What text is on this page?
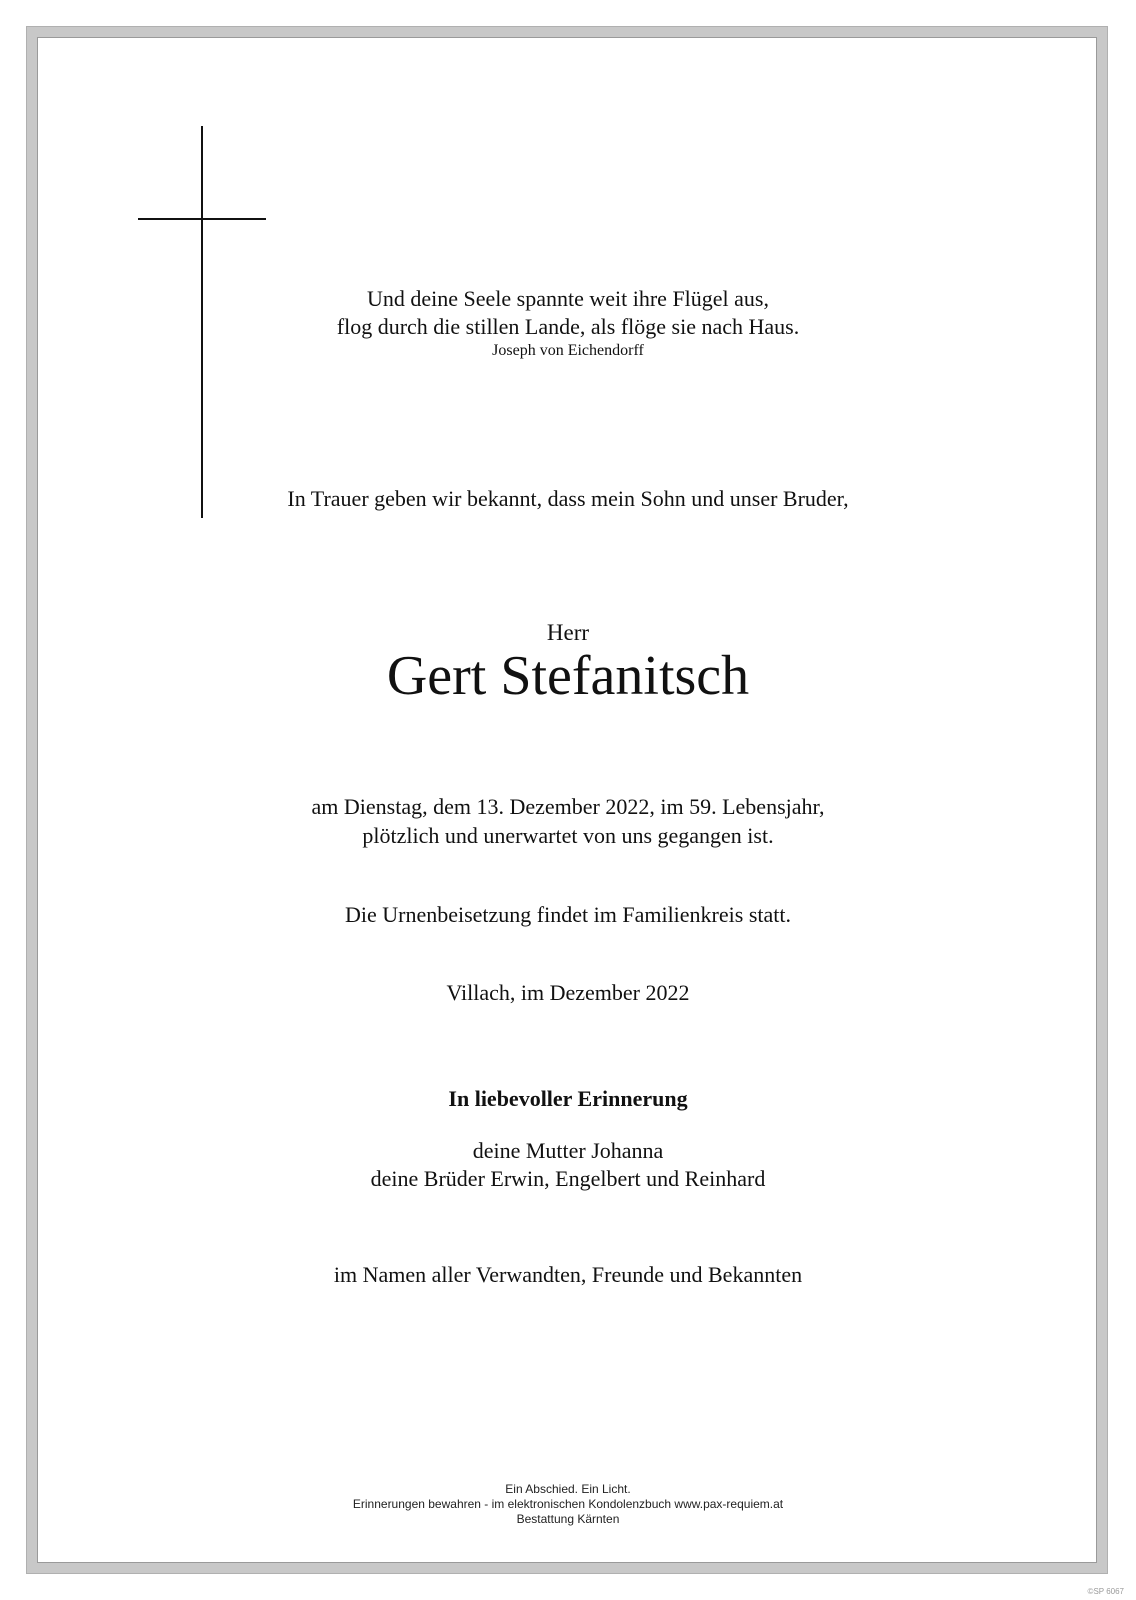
Und deine Seele spannte weit ihre Flügel aus,
flog durch die stillen Lande, als flöge sie nach Haus.
Joseph von Eichendorff
In Trauer geben wir bekannt, dass mein Sohn und unser Bruder,
Herr
Gert Stefanitsch
am Dienstag, dem 13. Dezember 2022, im 59. Lebensjahr,
plötzlich und unerwartet von uns gegangen ist.
Die Urnenbeisetzung findet im Familienkreis statt.
Villach, im Dezember 2022
In liebevoller Erinnerung
deine Mutter Johanna
deine Brüder Erwin, Engelbert und Reinhard
im Namen aller Verwandten, Freunde und Bekannten
Ein Abschied. Ein Licht.
Erinnerungen bewahren - im elektronischen Kondolenzbuch www.pax-requiem.at
Bestattung Kärnten
©SP 6067
